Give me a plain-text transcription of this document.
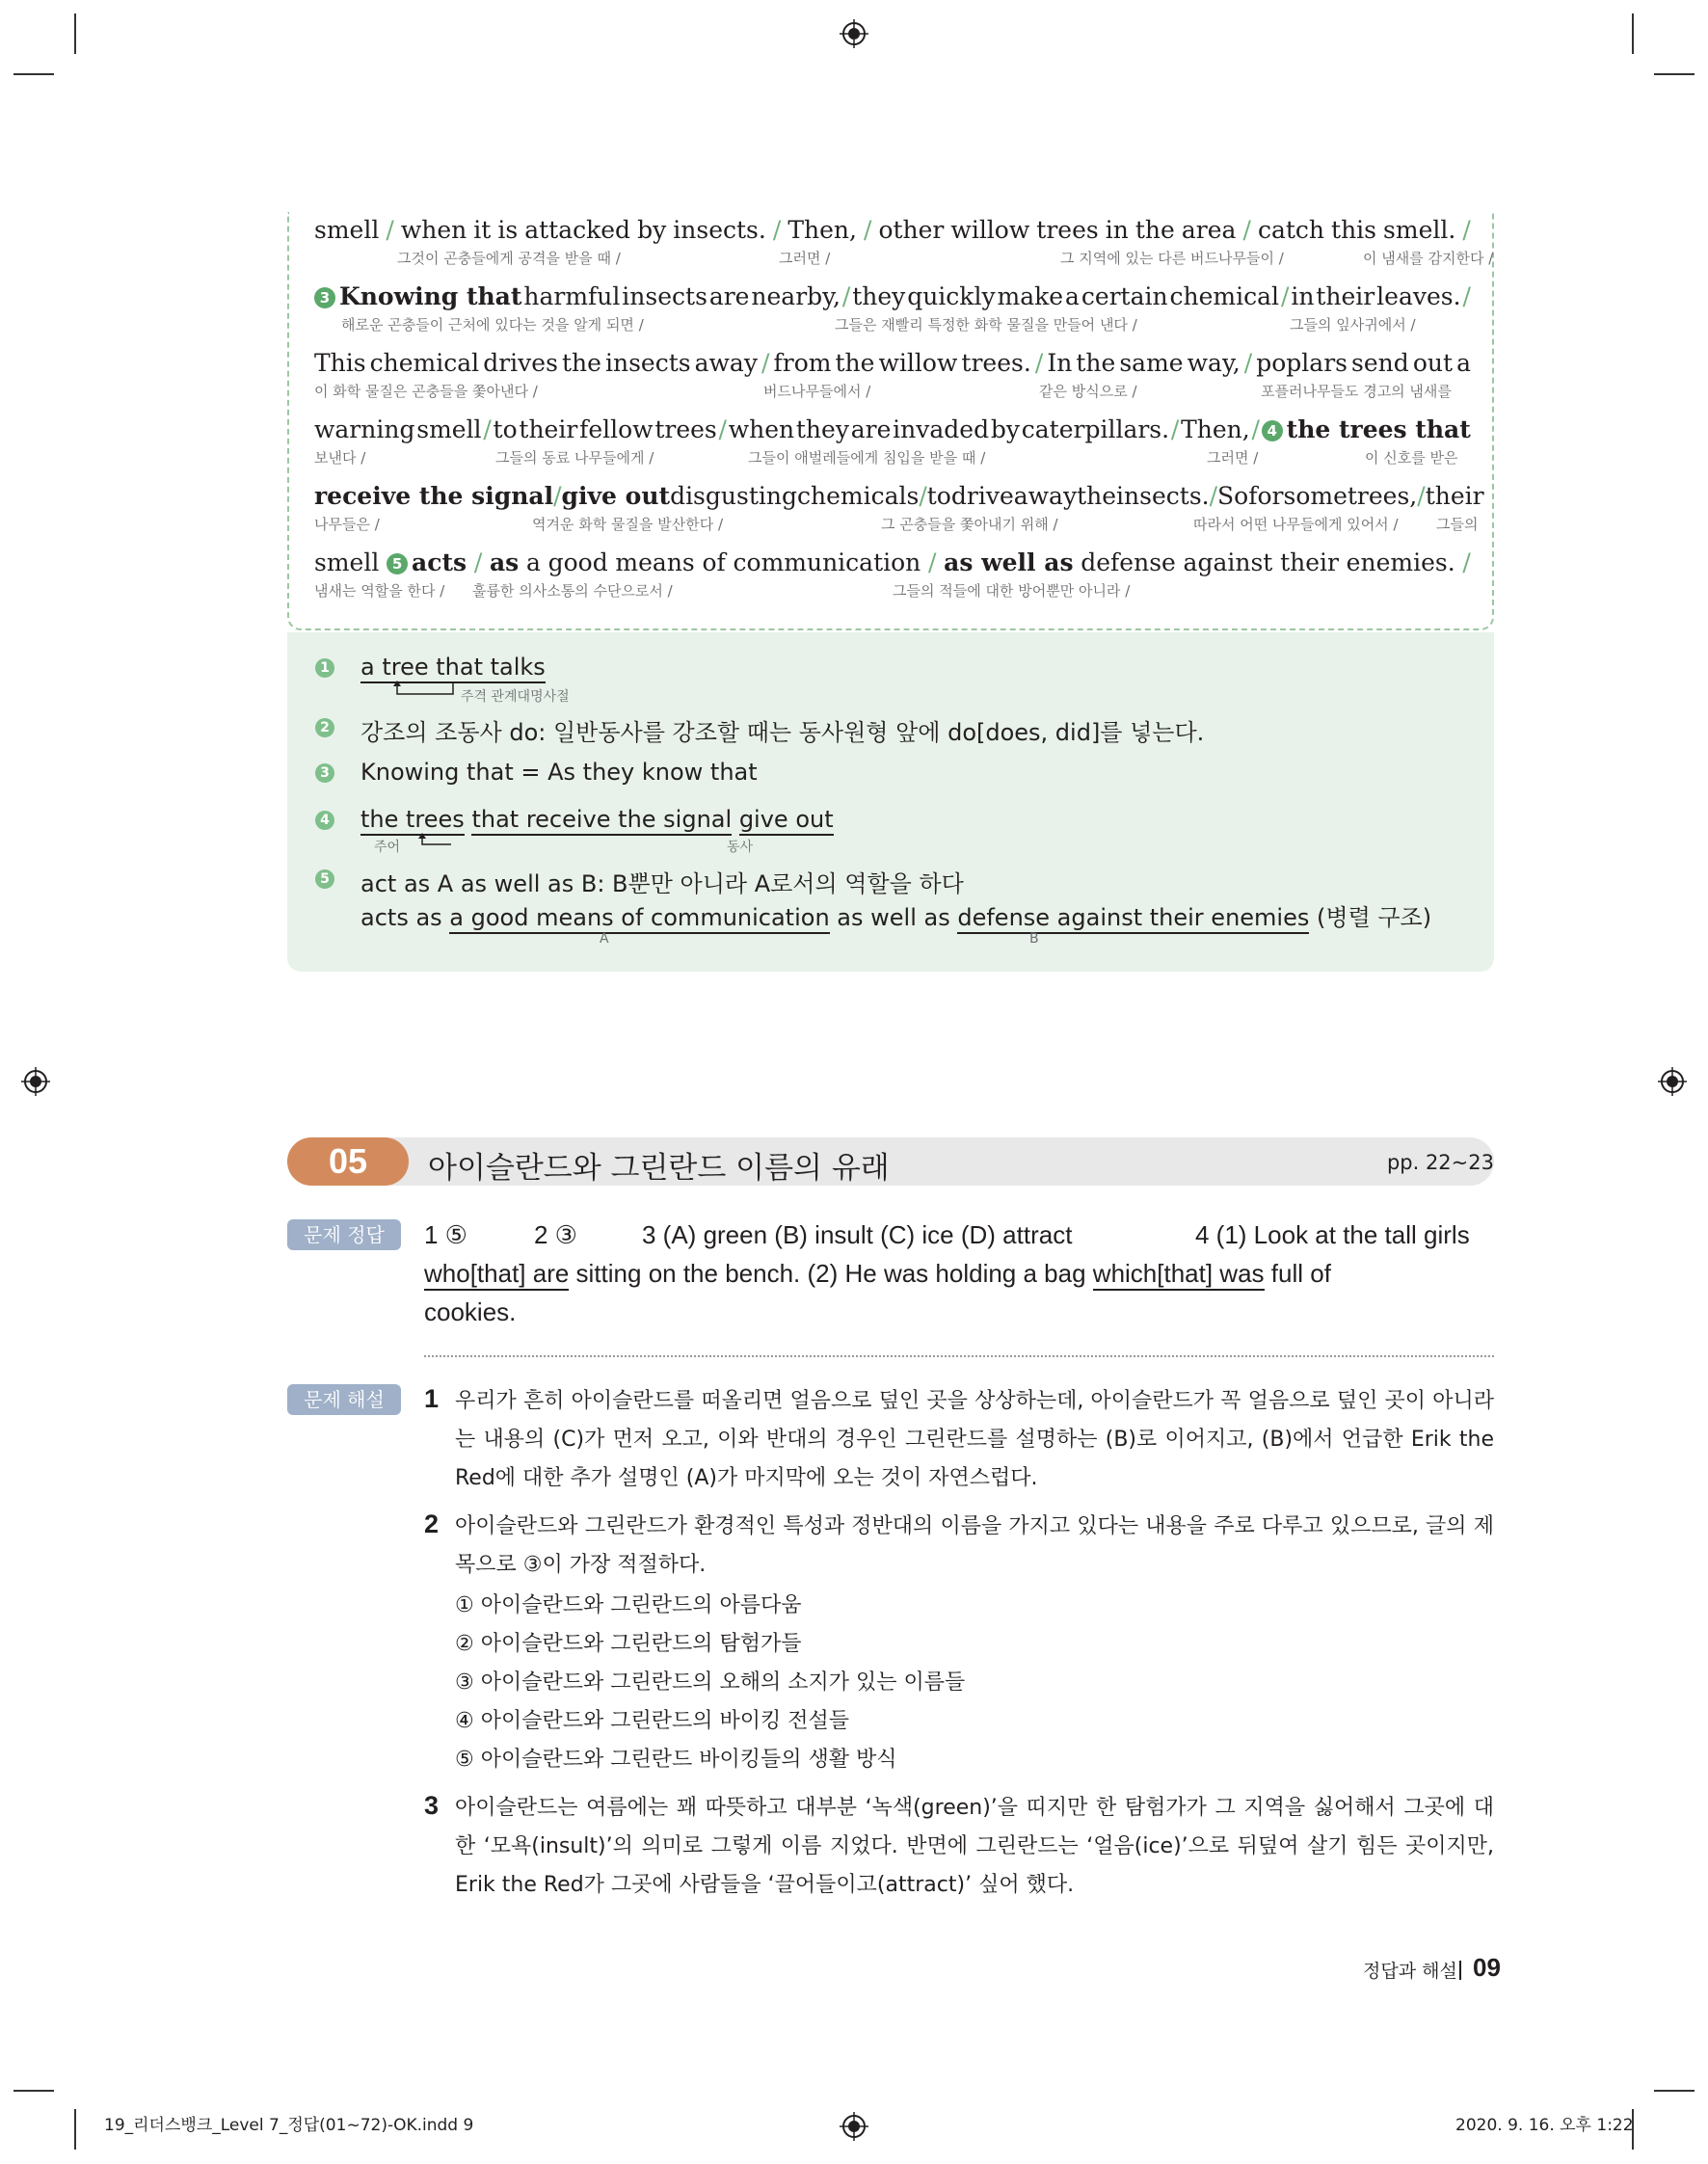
smell / when it is attacked by insects. / Then, / other willow trees in the area / catch this smell. /
그것이 곤충들에게 공격을 받을 때 /	그러면 /	그 지역에 있는 다른 버드나무들이 /	이 냄새를 감지한다 /
3 Knowing that harmful insects are nearby, / they quickly make a certain chemical / in their leaves. /
해로운 곤충들이 근처에 있다는 것을 알게 되면 /	그들은 재빨리 특정한 화학 물질을 만들어 낸다 /	그들의 잎사귀에서 /
This chemical drives the insects away / from the willow trees. / In the same way, / poplars send out a
이 화학 물질은 곤충들을 쫓아낸다 /	버드나무들에서 /	같은 방식으로 /	포플러나무들도 경고의 냄새를
warning smell / to their fellow trees / when they are invaded by caterpillars. / Then, / 4 the trees that
보낸다 /	그들의 동료 나무들에게 /	그들이 애벌레들에게 침입을 받을 때 /	그러면 /	이 신호를 받은
receive the signal / give out disgusting chemicals / to drive away the insects. / So for some trees, / their
나무들은 /	역겨운 화학 물질을 발산한다 /	그 곤충들을 쫓아내기 위해 /	따라서 어떤 나무들에게 있어서 /	그들의
smell 5 acts / as a good means of communication / as well as defense against their enemies. /
냄새는 역할을 한다 / 훌륭한 의사소통의 수단으로서 /	그들의 적들에 대한 방어뿐만 아니라 /
1 a tree that talks
주격 관계대명사절
2 강조의 조동사 do: 일반동사를 강조할 때는 동사원형 앞에 do[does, did]를 넣는다.
3 Knowing that = As they know that
4 the trees that receive the signal give out
주어	동사
5 act as A as well as B: B뿐만 아니라 A로서의 역할을 하다
acts as a good means of communication as well as defense against their enemies (병렬 구조)
A	B
05	아이슬란드와 그린란드 이름의 유래	pp. 22~23
문제 정답	1 ⑤	2 ③	3 (A) green (B) insult (C) ice (D) attract	4 (1) Look at the tall girls
who[that] are sitting on the bench. (2) He was holding a bag which[that] was full of
cookies.
문제 해설	1 우리가 흔히 아이슬란드를 떠올리면 얼음으로 덮인 곳을 상상하는데, 아이슬란드가 꼭 얼음으로 덮인 곳이 아니라는 내용의 (C)가 먼저 오고, 이와 반대의 경우인 그린란드를 설명하는 (B)로 이어지고, (B)에서 언급한 Erik the Red에 대한 추가 설명인 (A)가 마지막에 오는 것이 자연스럽다.
2 아이슬란드와 그린란드가 환경적인 특성과 정반대의 이름을 가지고 있다는 내용을 주로 다루고 있으므로, 글의 제목으로 ③이 가장 적절하다.
① 아이슬란드와 그린란드의 아름다움
② 아이슬란드와 그린란드의 탐험가들
③ 아이슬란드와 그린란드의 오해의 소지가 있는 이름들
④ 아이슬란드와 그린란드의 바이킹 전설들
⑤ 아이슬란드와 그린란드 바이킹들의 생활 방식
3 아이슬란드는 여름에는 꽤 따뜻하고 대부분 ‘녹색(green)’을 띠지만 한 탐험가가 그 지역을 싫어해서 그곳에 대한 ‘모욕(insult)’의 의미로 그렇게 이름 지었다. 반면에 그린란드는 ‘얼음(ice)’으로 뒤덮여 살기 힘든 곳이지만, Erik the Red가 그곳에 사람들을 ‘끌어들이고(attract)’ 싶어 했다.
정답과 해설 09
19_리더스뱅크_Level 7_정답(01~72)-OK.indd 9	2020. 9. 16. 오후 1:22
